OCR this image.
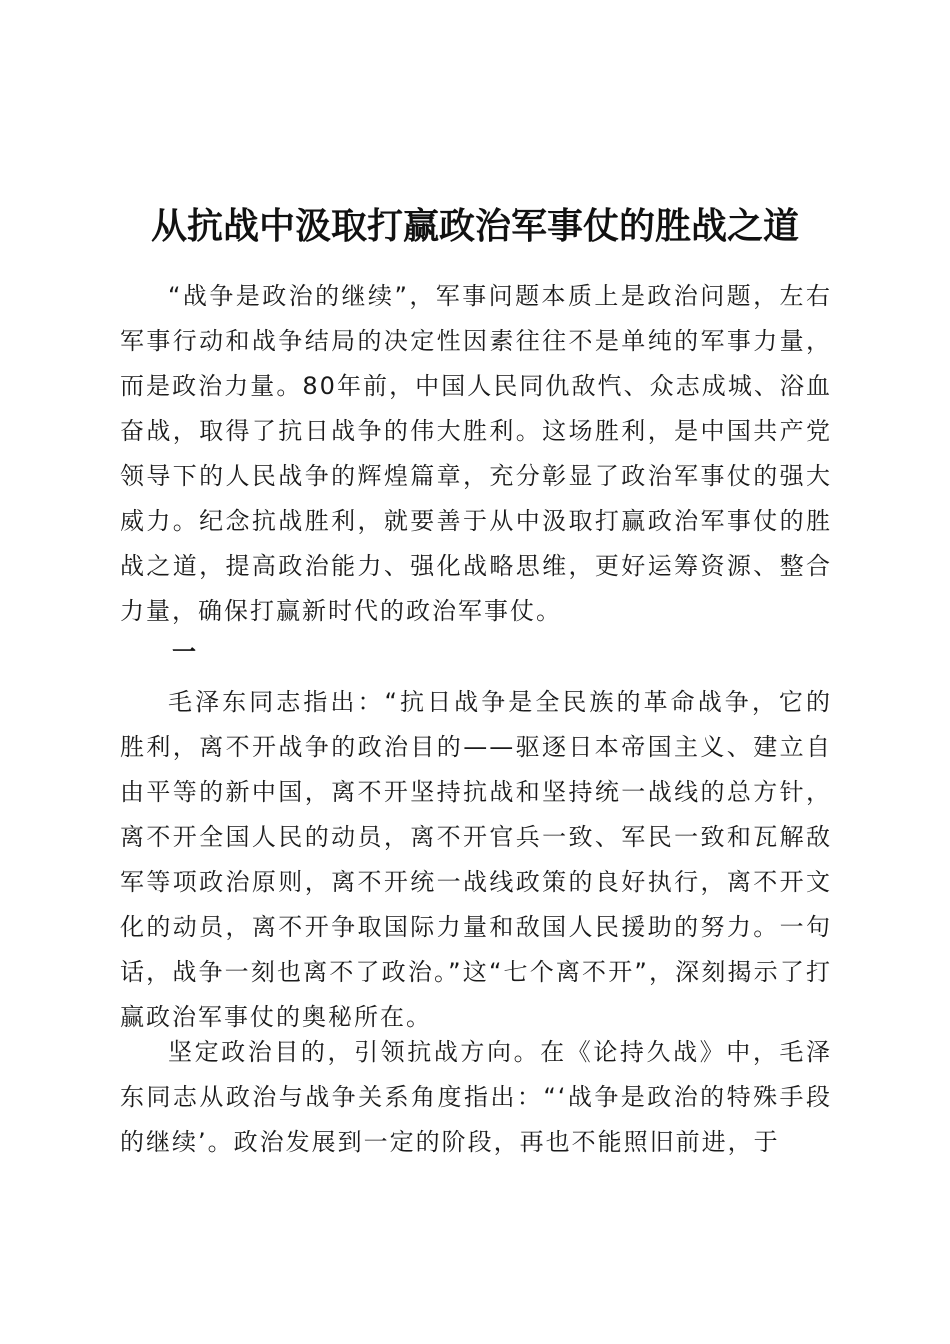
从抗战中汲取打赢政治军事仗的胜战之道

“战争是政治的继续”，军事问题本质上是政治问题，左右军事行动和战争结局的决定性因素往往不是单纯的军事力量，而是政治力量。80年前，中国人民同仇敌忾、众志成城、浴血奋战，取得了抗日战争的伟大胜利。这场胜利，是中国共产党领导下的人民战争的辉煌篇章，充分彰显了政治军事仗的强大威力。纪念抗战胜利，就要善于从中汲取打赢政治军事仗的胜战之道，提高政治能力、强化战略思维，更好运筹资源、整合力量，确保打赢新时代的政治军事仗。

一

毛泽东同志指出：“抗日战争是全民族的革命战争，它的胜利，离不开战争的政治目的——驱逐日本帝国主义、建立自由平等的新中国，离不开坚持抗战和坚持统一战线的总方针，离不开全国人民的动员，离不开官兵一致、军民一致和瓦解敌军等项政治原则，离不开统一战线政策的良好执行，离不开文化的动员，离不开争取国际力量和敌国人民援助的努力。一句话，战争一刻也离不了政治。”这“七个离不开”，深刻揭示了打赢政治军事仗的奥秘所在。

坚定政治目的，引领抗战方向。在《论持久战》中，毛泽东同志从政治与战争关系角度指出：“‘战争是政治的特殊手段的继续’。政治发展到一定的阶段，再也不能照旧前进，于
